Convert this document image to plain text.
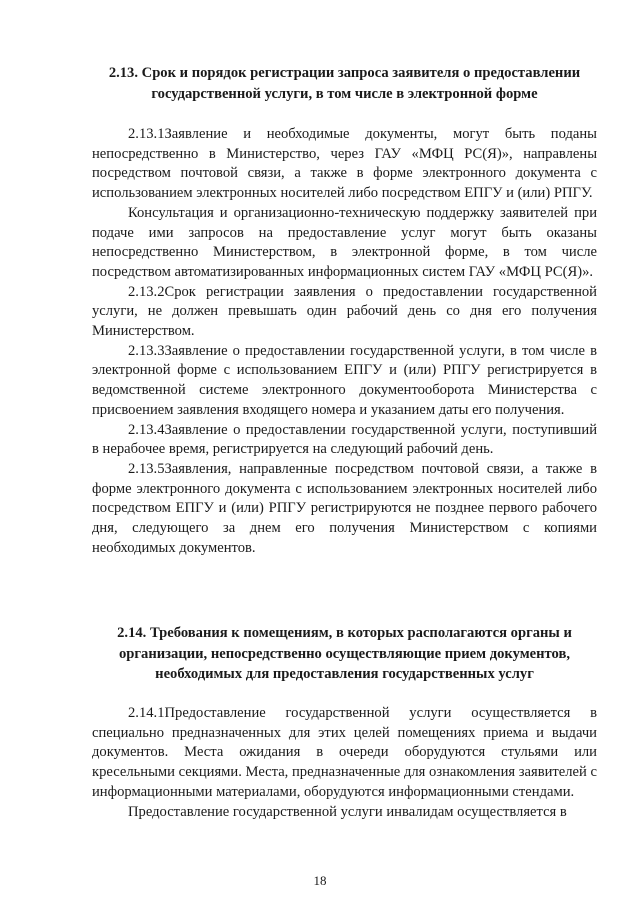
2.13. Срок и порядок регистрации запроса заявителя о предоставлении государственной услуги, в том числе в электронной форме

2.13.1Заявление и необходимые документы, могут быть поданы непосредственно в Министерство, через ГАУ «МФЦ РС(Я)», направлены посредством почтовой связи, а также в форме электронного документа с использованием электронных носителей либо посредством ЕПГУ и (или) РПГУ.

Консультация и организационно-техническую поддержку заявителей при подаче ими запросов на предоставление услуг могут быть оказаны непосредственно Министерством, в электронной форме, в том числе посредством автоматизированных информационных систем ГАУ «МФЦ РС(Я)».

2.13.2Срок регистрации заявления о предоставлении государственной услуги, не должен превышать один рабочий день со дня его получения Министерством.

2.13.3Заявление о предоставлении государственной услуги, в том числе в электронной форме с использованием ЕПГУ и (или) РПГУ регистрируется в ведомственной системе электронного документооборота Министерства с присвоением заявления входящего номера и указанием даты его получения.

2.13.4Заявление о предоставлении государственной услуги, поступивший в нерабочее время, регистрируется на следующий рабочий день.

2.13.5Заявления, направленные посредством почтовой связи, а также в форме электронного документа с использованием электронных носителей либо посредством ЕПГУ и (или) РПГУ регистрируются не позднее первого рабочего дня, следующего за днем его получения Министерством с копиями необходимых документов.

2.14. Требования к помещениям, в которых располагаются органы и организации, непосредственно осуществляющие прием документов, необходимых для предоставления государственных услуг

2.14.1Предоставление государственной услуги осуществляется в специально предназначенных для этих целей помещениях приема и выдачи документов. Места ожидания в очереди оборудуются стульями или кресельными секциями. Места, предназначенные для ознакомления заявителей с информационными материалами, оборудуются информационными стендами.

Предоставление государственной услуги инвалидам осуществляется в

18
